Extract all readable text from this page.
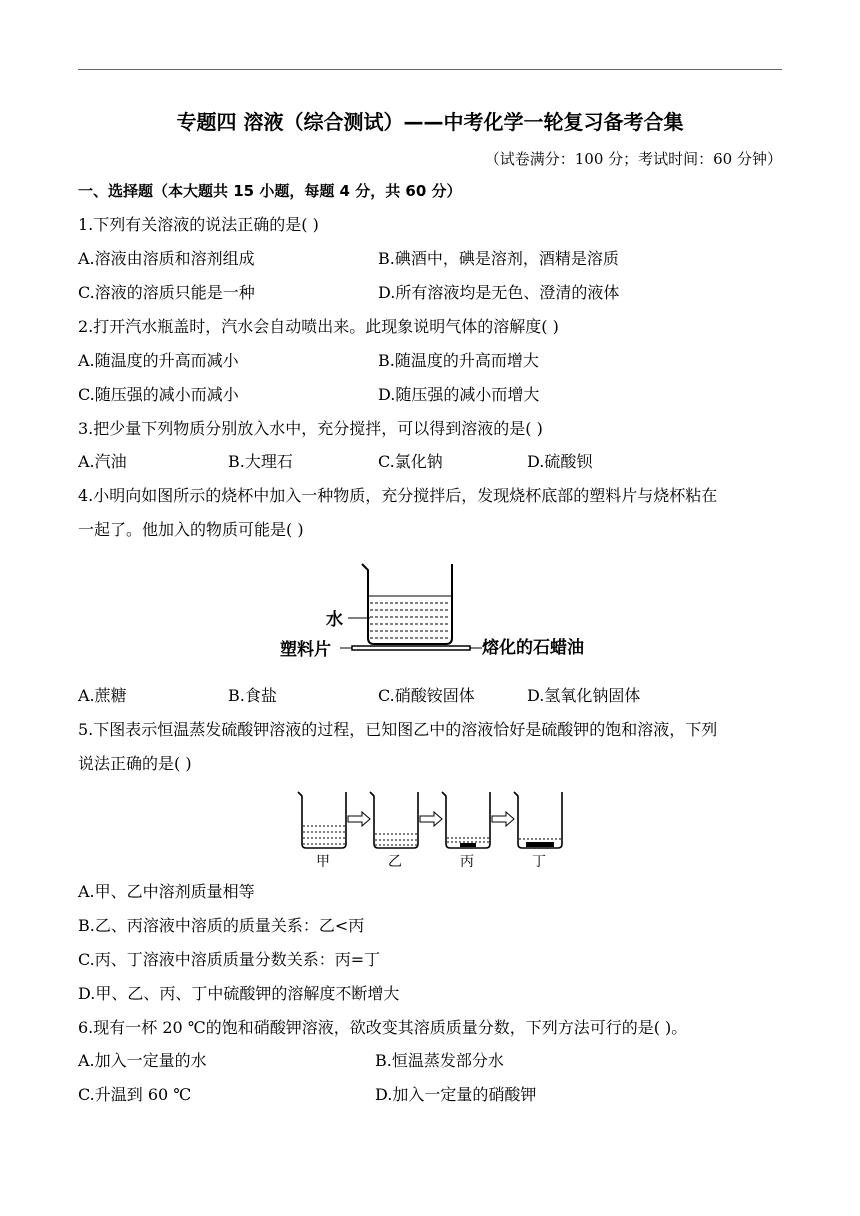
专题四 溶液（综合测试）——中考化学一轮复习备考合集
（试卷满分：100 分；考试时间：60 分钟）
一、选择题（本大题共 15 小题，每题 4 分，共 60 分）
1.下列有关溶液的说法正确的是( )
A.溶液由溶质和溶剂组成	B.碘酒中，碘是溶剂，酒精是溶质
C.溶液的溶质只能是一种	D.所有溶液均是无色、澄清的液体
2.打开汽水瓶盖时，汽水会自动喷出来。此现象说明气体的溶解度( )
A.随温度的升高而减小	B.随温度的升高而增大
C.随压强的减小而减小	D.随压强的减小而增大
3.把少量下列物质分别放入水中，充分搅拌，可以得到溶液的是( )
A.汽油	B.大理石	C.氯化钠	D.硫酸钡
4.小明向如图所示的烧杯中加入一种物质，充分搅拌后，发现烧杯底部的塑料片与烧杯粘在
一起了。他加入的物质可能是( )
水
塑料片	熔化的石蜡油
A.蔗糖	B.食盐	C.硝酸铵固体	D.氢氧化钠固体
5.下图表示恒温蒸发硫酸钾溶液的过程，已知图乙中的溶液恰好是硫酸钾的饱和溶液，下列
说法正确的是( )
甲	乙	丙	丁
A.甲、乙中溶剂质量相等
B.乙、丙溶液中溶质的质量关系：乙<丙
C.丙、丁溶液中溶质质量分数关系：丙=丁
D.甲、乙、丙、丁中硫酸钾的溶解度不断增大
6.现有一杯 20 ℃的饱和硝酸钾溶液，欲改变其溶质质量分数，下列方法可行的是( )。
A.加入一定量的水	B.恒温蒸发部分水
C.升温到 60 ℃	D.加入一定量的硝酸钾
